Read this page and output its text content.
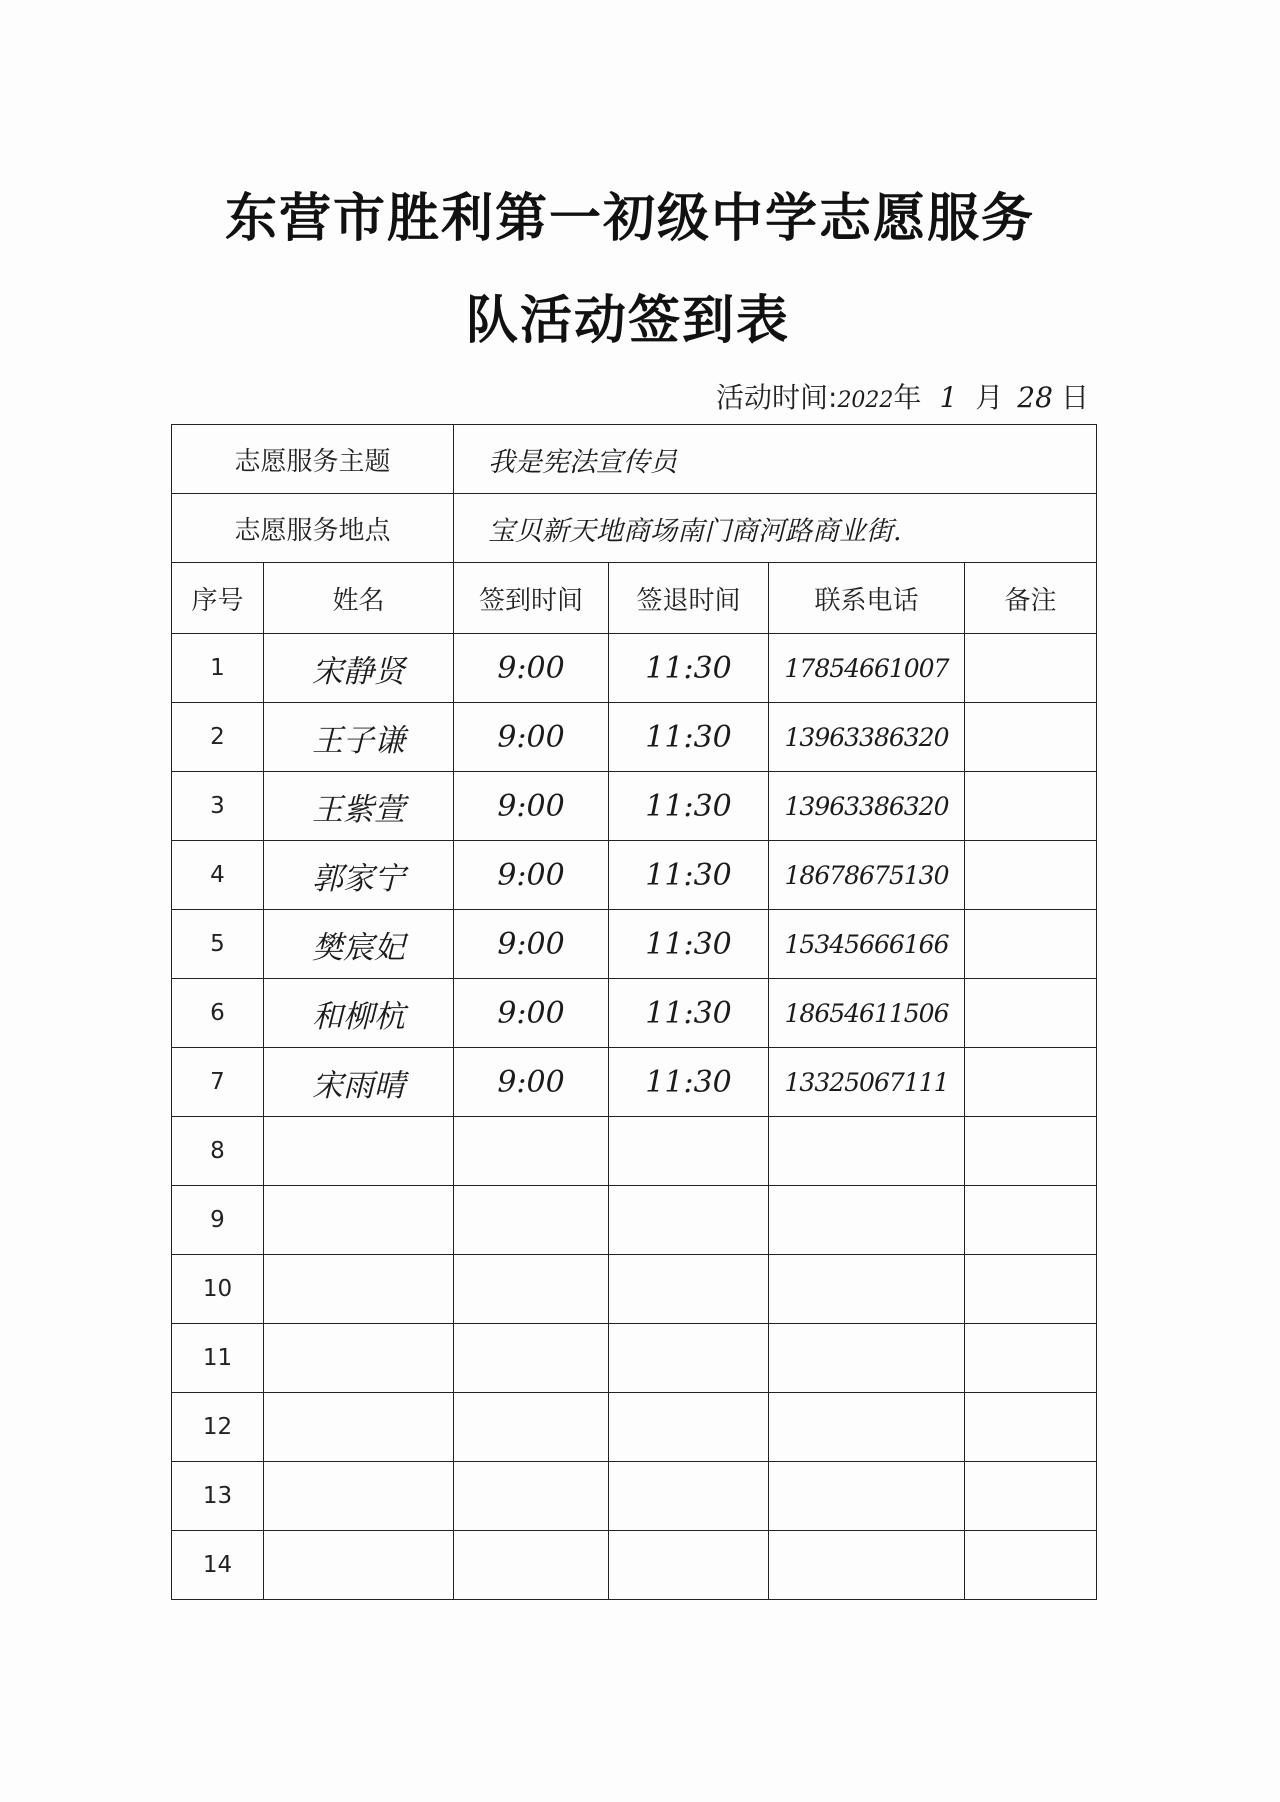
东营市胜利第一初级中学志愿服务
队活动签到表
活动时间:2022年 1 月 28 日
志愿服务主题		我是宪法宣传员			
志愿服务地点		宝贝新天地商场南门商河路商业街.			
序号	姓名	签到时间	签退时间	联系电话	备注
1	宋静贤	9:00	11:30	17854661007	
2	王子谦	9:00	11:30	13963386320	
3	王紫萱	9:00	11:30	13963386320	
4	郭家宁	9:00	11:30	18678675130	
5	樊宸妃	9:00	11:30	15345666166	
6	和柳杭	9:00	11:30	18654611506	
7	宋雨晴	9:00	11:30	13325067111	
8					
9					
10					
11					
12					
13					
14					
